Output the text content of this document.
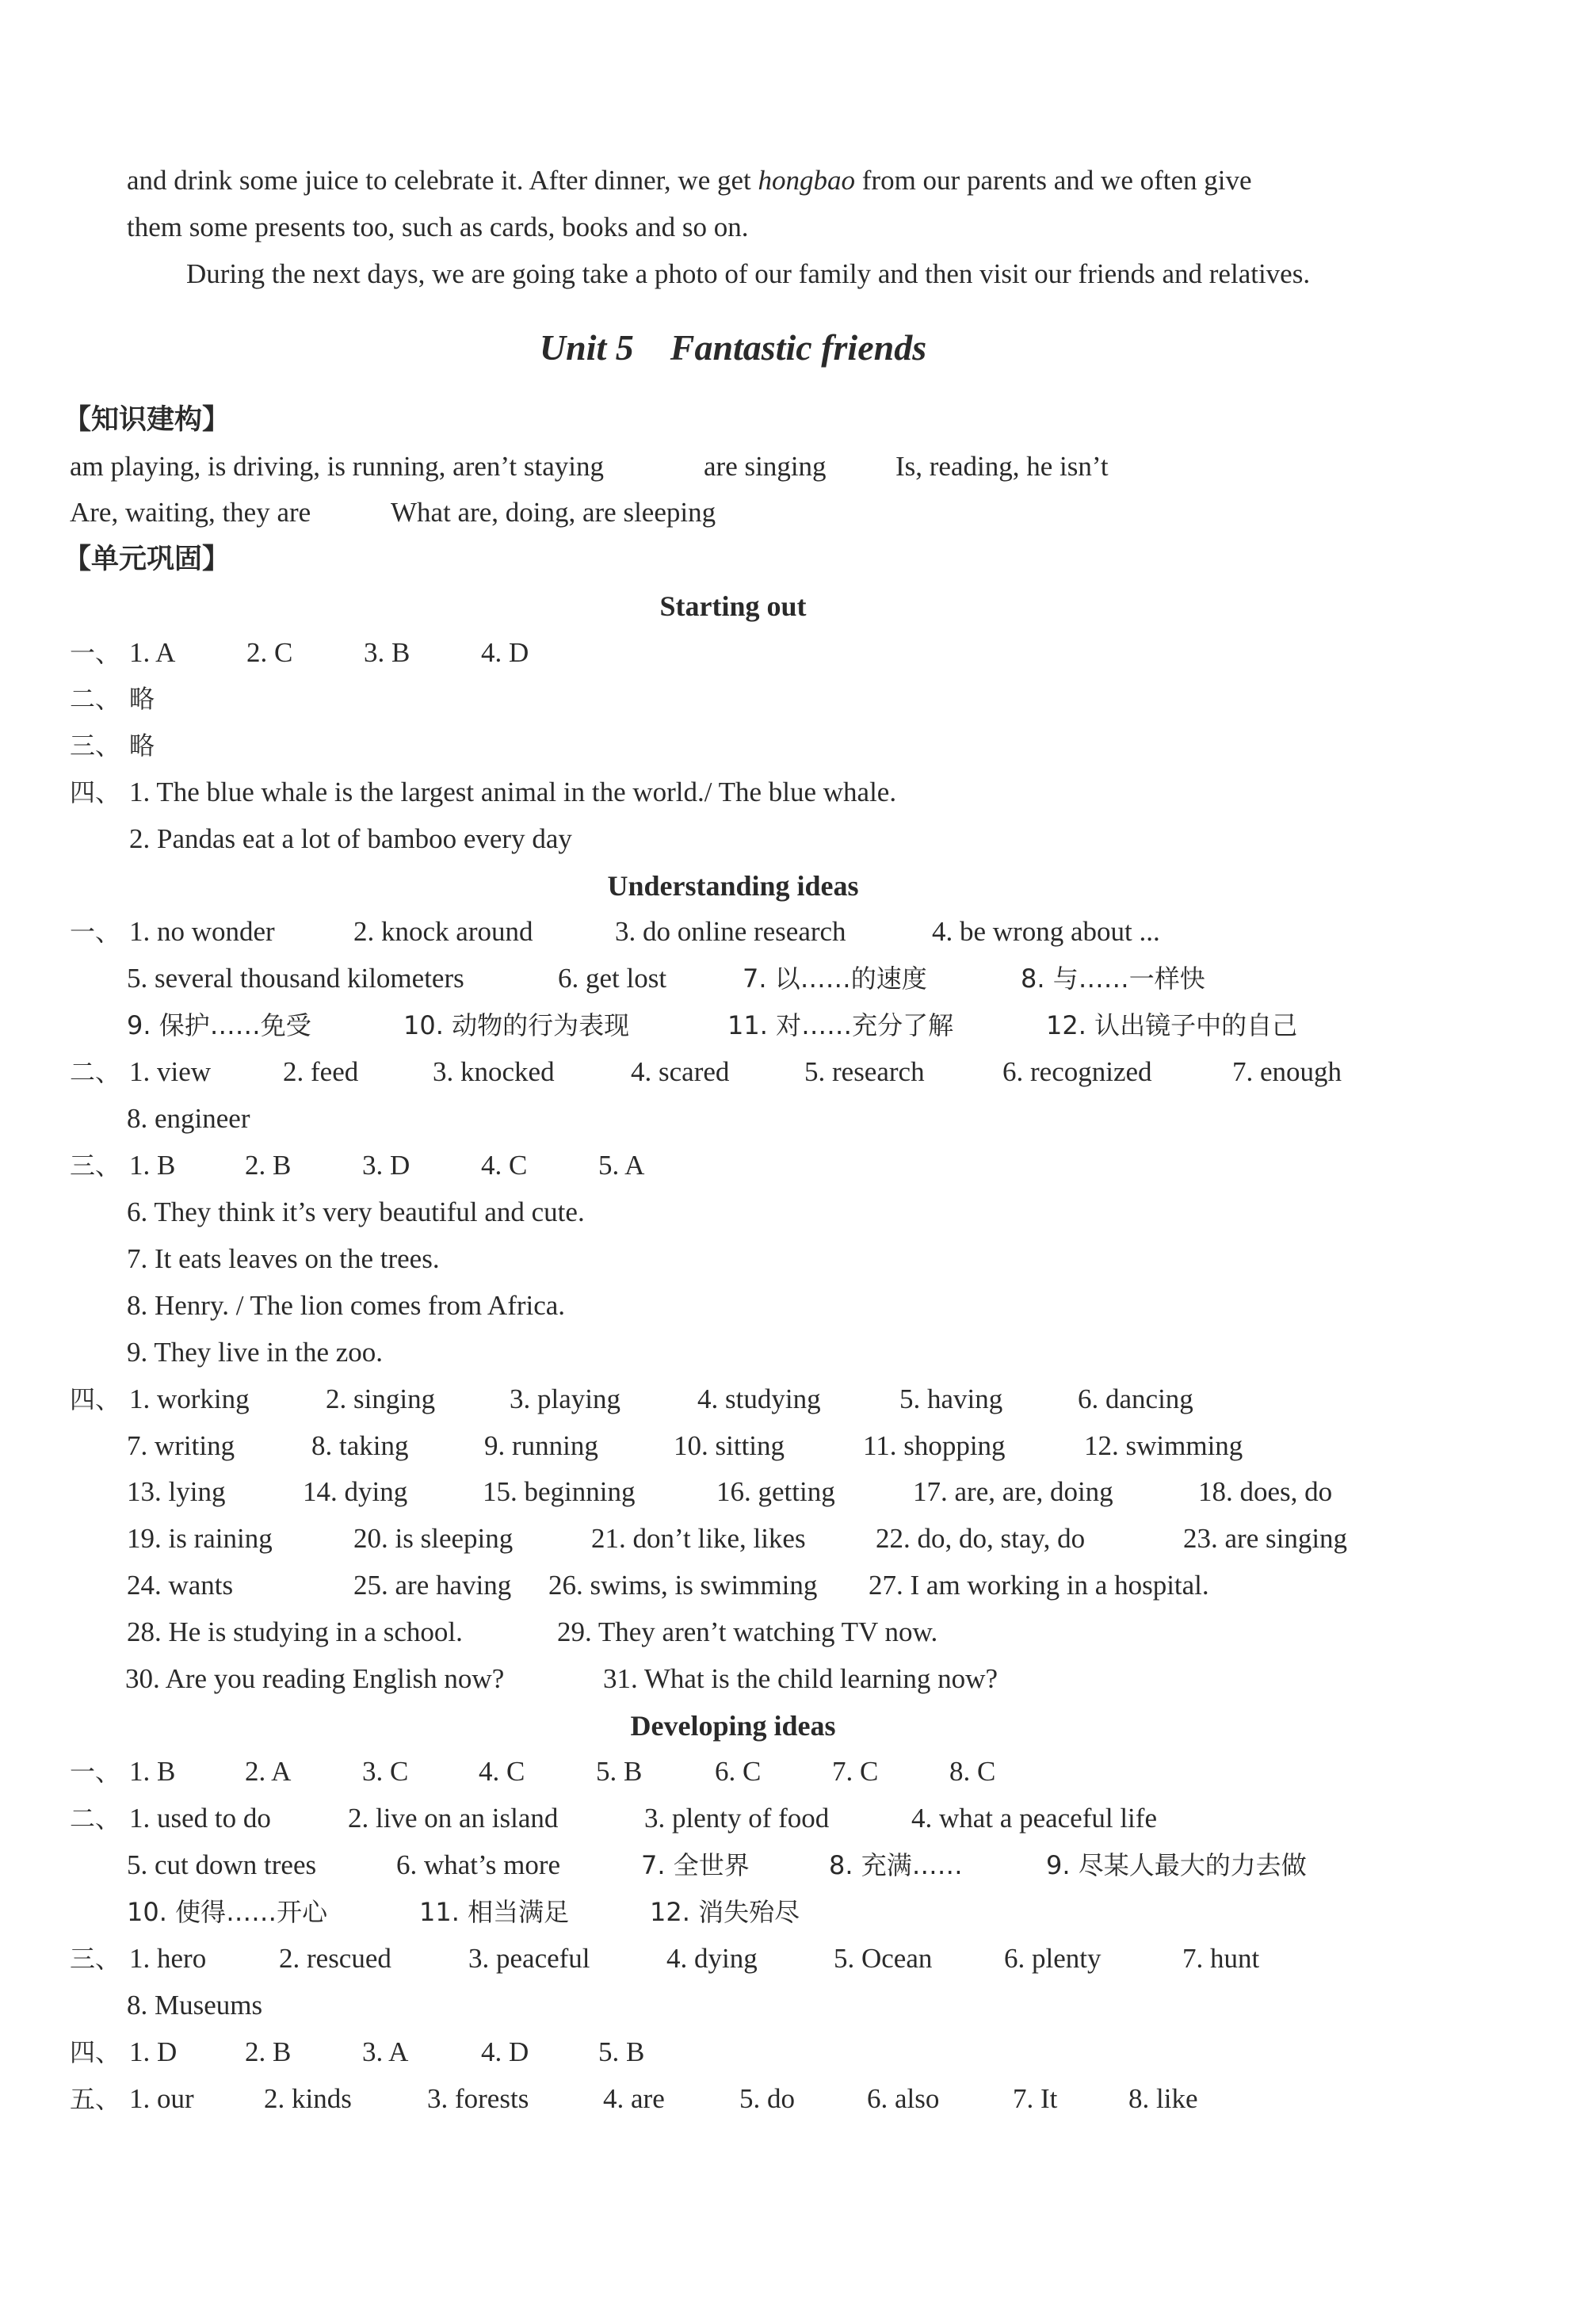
and drink some juice to celebrate it. After dinner, we get hongbao from our parents and we often give
them some presents too, such as cards, books and so on.
During the next days, we are going take a photo of our family and then visit our friends and relatives.
Unit 5 Fantastic friends
【知识建构】
am playing, is driving, is running, aren’t staying	are singing Is, reading, he isn’t
Are, waiting, they are	What are, doing, are sleeping
【单元巩固】
Starting out
一、 1. A	2. C	3. B	4. D
二、 略
三、 略
四、 1. The blue whale is the largest animal in the world./ The blue whale.
2. Pandas eat a lot of bamboo every day
Understanding ideas
一、 1. no wonder	2. knock around	3. do online research	4. be wrong about ...
5. several thousand kilometers	6. get lost	7. 以……的速度	8. 与……一样快
9. 保护……免受	10. 动物的行为表现	11. 对……充分了解	12. 认出镜子中的自己
二、 1. view	2. feed	3. knocked	4. scared	5. research	6. recognized	7. enough
8. engineer
三、 1. B	2. B	3. D	4. C	5. A
6. They think it’s very beautiful and cute.
7. It eats leaves on the trees.
8. Henry. / The lion comes from Africa.
9. They live in the zoo.
四、 1. working	2. singing	3. playing	4. studying	5. having	6. dancing
7. writing	8. taking	9. running	10. sitting	11. shopping	12. swimming
13. lying	14. dying	15. beginning	16. getting	17. are, are, doing	18. does, do
19. is raining	20. is sleeping	21. don’t like, likes	22. do, do, stay, do	23. are singing
24. wants	25. are having 26. swims, is swimming 27. I am working in a hospital.
28. He is studying in a school.	29. They aren’t watching TV now.
30. Are you reading English now?	31. What is the child learning now?
Developing ideas
一、 1. B	2. A	3. C	4. C	5. B	6. C	7. C	8. C
二、 1. used to do	2. live on an island	3. plenty of food	4. what a peaceful life
5. cut down trees	6. what’s more	7. 全世界	8. 充满……	9. 尽某人最大的力去做
10. 使得……开心	11. 相当满足	12. 消失殆尽
三、 1. hero	2. rescued	3. peaceful	4. dying	5. Ocean	6. plenty	7. hunt
8. Museums
四、 1. D 2. B	3. A	4. D	5. B
五、 1. our	2. kinds	3. forests	4. are	5. do	6. also	7. It	8. like
